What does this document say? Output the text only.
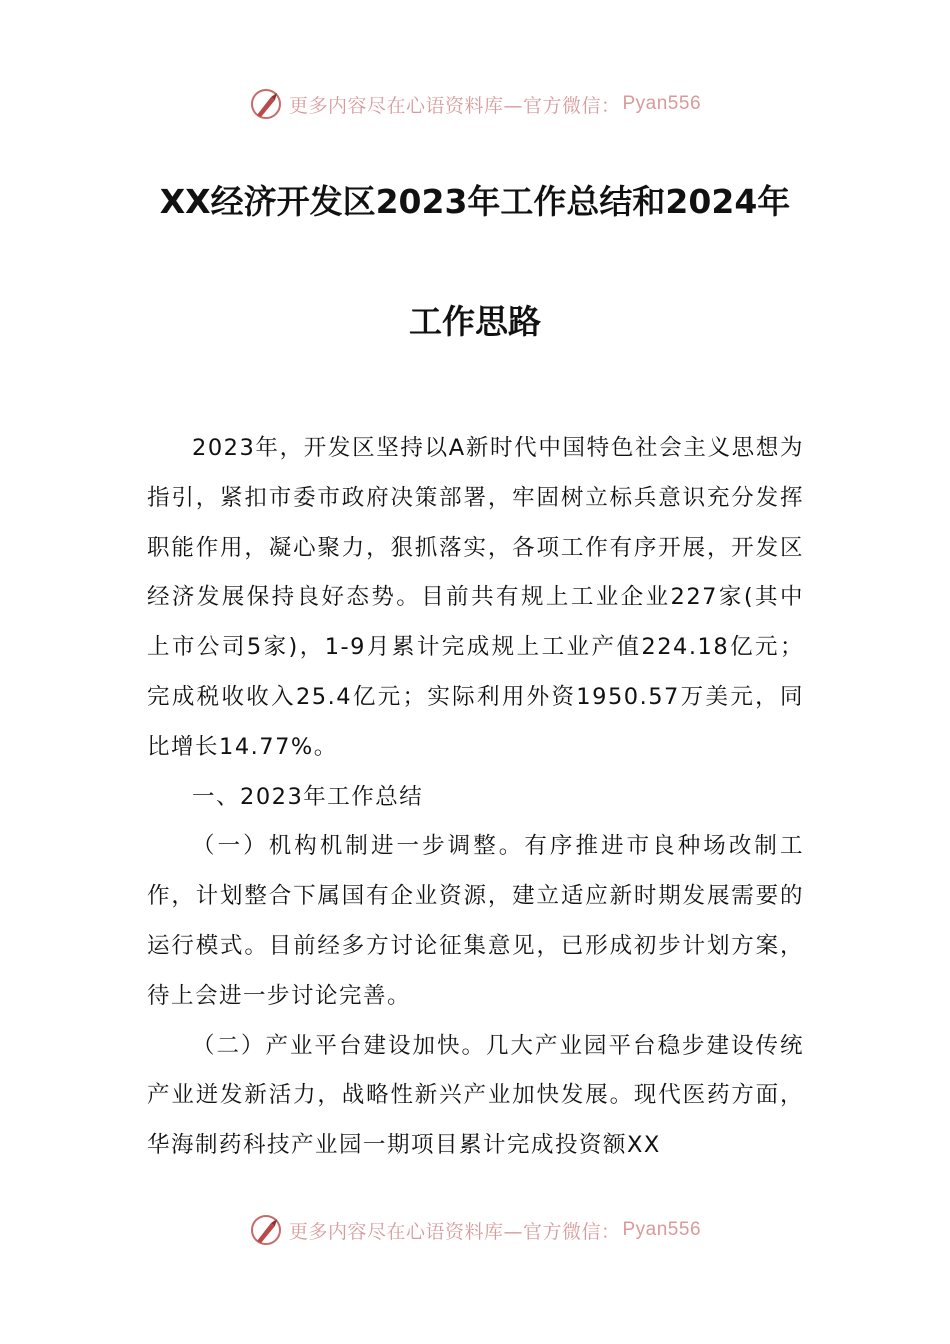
更多内容尽在心语资料库—官方微信： Pyan556
XX经济开发区2023年工作总结和2024年
工作思路

2023年，开发区坚持以A新时代中国特色社会主义思想为指引，紧扣市委市政府决策部署，牢固树立标兵意识充分发挥职能作用，凝心聚力，狠抓落实，各项工作有序开展，开发区经济发展保持良好态势。目前共有规上工业企业227家(其中上市公司5家)，1-9月累计完成规上工业产值224.18亿元；完成税收收入25.4亿元；实际利用外资1950.57万美元，同比增长14.77%。

一、2023年工作总结

（一）机构机制进一步调整。有序推进市良种场改制工作，计划整合下属国有企业资源，建立适应新时期发展需要的运行模式。目前经多方讨论征集意见，已形成初步计划方案，待上会进一步讨论完善。

（二）产业平台建设加快。几大产业园平台稳步建设传统产业迸发新活力，战略性新兴产业加快发展。现代医药方面，华海制药科技产业园一期项目累计完成投资额XX

更多内容尽在心语资料库—官方微信： Pyan556
